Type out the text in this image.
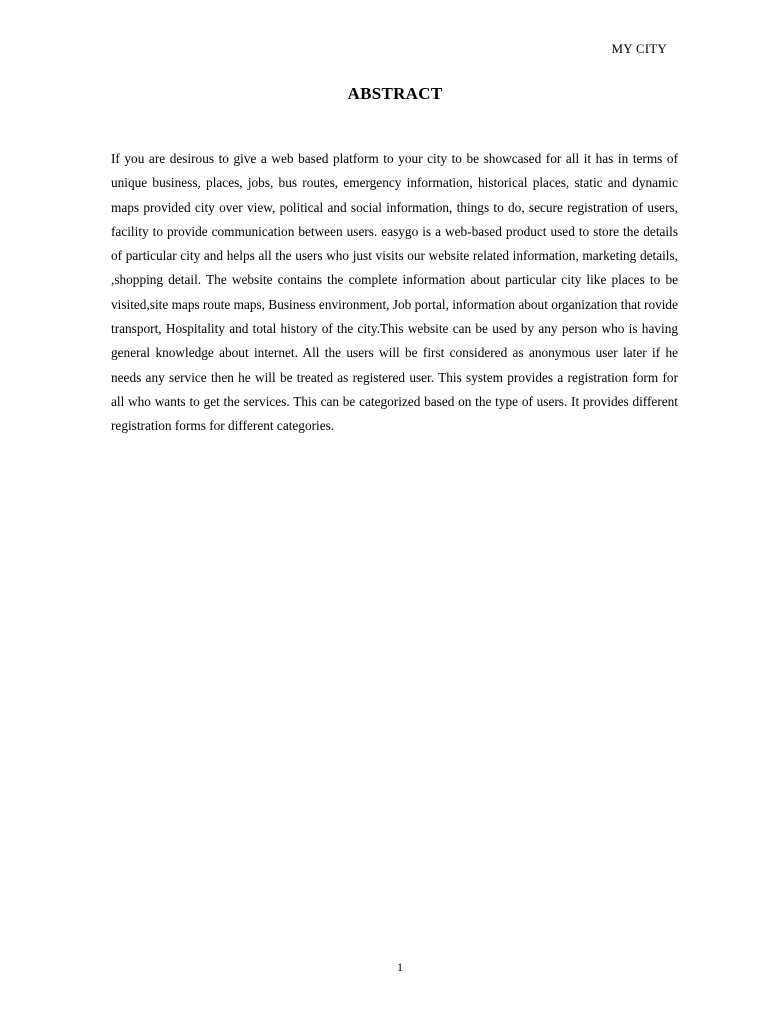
MY CITY
ABSTRACT

If you are desirous to give a web based platform to your city to be showcased for all it has in terms of unique business, places, jobs, bus routes, emergency information, historical places, static and dynamic maps provided city over view, political and social information, things to do, secure registration of users, facility to provide communication between users. easygo is a web-based product used to store the details of particular city and helps all the users who just visits our website related information, marketing details, ,shopping detail. The website contains the complete information about particular city like places to be visited,site maps route maps, Business environment, Job portal, information about organization that rovide transport, Hospitality and total history of the city.This website can be used by any person who is having general knowledge about internet. All the users will be first considered as anonymous user later if he needs any service then he will be treated as registered user. This system provides a registration form for all who wants to get the services. This can be categorized based on the type of users. It provides different registration forms for different categories.

1
